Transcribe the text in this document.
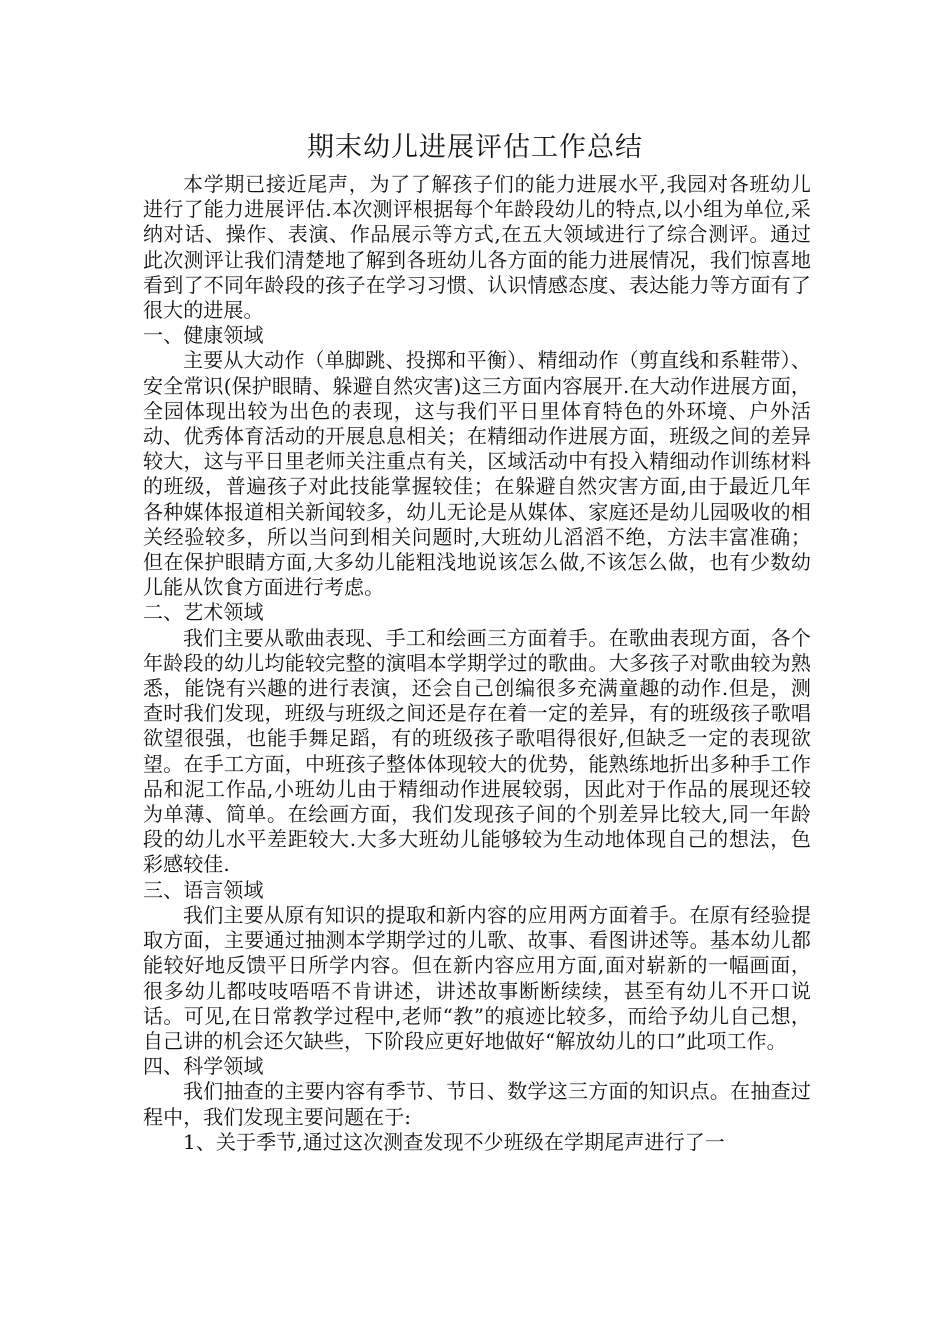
期末幼儿进展评估工作总结

本学期已接近尾声，为了了解孩子们的能力进展水平,我园对各班幼儿进行了能力进展评估.本次测评根据每个年龄段幼儿的特点,以小组为单位,采纳对话、操作、表演、作品展示等方式,在五大领域进行了综合测评。通过此次测评让我们清楚地了解到各班幼儿各方面的能力进展情况，我们惊喜地看到了不同年龄段的孩子在学习习惯、认识情感态度、表达能力等方面有了很大的进展。

一、健康领域

主要从大动作（单脚跳、投掷和平衡）、精细动作（剪直线和系鞋带）、安全常识(保护眼睛、躲避自然灾害)这三方面内容展开.在大动作进展方面，全园体现出较为出色的表现，这与我们平日里体育特色的外环境、户外活动、优秀体育活动的开展息息相关；在精细动作进展方面，班级之间的差异较大，这与平日里老师关注重点有关，区域活动中有投入精细动作训练材料的班级，普遍孩子对此技能掌握较佳；在躲避自然灾害方面,由于最近几年各种媒体报道相关新闻较多，幼儿无论是从媒体、家庭还是幼儿园吸收的相关经验较多，所以当问到相关问题时,大班幼儿滔滔不绝，方法丰富准确；但在保护眼睛方面,大多幼儿能粗浅地说该怎么做,不该怎么做，也有少数幼儿能从饮食方面进行考虑。

二、艺术领域

我们主要从歌曲表现、手工和绘画三方面着手。在歌曲表现方面，各个年龄段的幼儿均能较完整的演唱本学期学过的歌曲。大多孩子对歌曲较为熟悉，能饶有兴趣的进行表演，还会自己创编很多充满童趣的动作.但是，测查时我们发现，班级与班级之间还是存在着一定的差异，有的班级孩子歌唱欲望很强，也能手舞足蹈，有的班级孩子歌唱得很好,但缺乏一定的表现欲望。在手工方面，中班孩子整体体现较大的优势，能熟练地折出多种手工作品和泥工作品,小班幼儿由于精细动作进展较弱，因此对于作品的展现还较为单薄、简单。在绘画方面，我们发现孩子间的个别差异比较大,同一年龄段的幼儿水平差距较大.大多大班幼儿能够较为生动地体现自己的想法，色彩感较佳.

三、语言领域

我们主要从原有知识的提取和新内容的应用两方面着手。在原有经验提取方面，主要通过抽测本学期学过的儿歌、故事、看图讲述等。基本幼儿都能较好地反馈平日所学内容。但在新内容应用方面,面对崭新的一幅画面，很多幼儿都吱吱唔唔不肯讲述，讲述故事断断续续，甚至有幼儿不开口说话。可见,在日常教学过程中,老师“教”的痕迹比较多，而给予幼儿自己想，自己讲的机会还欠缺些，下阶段应更好地做好“解放幼儿的口”此项工作。

四、科学领域

我们抽查的主要内容有季节、节日、数学这三方面的知识点。在抽查过程中，我们发现主要问题在于:

1、关于季节,通过这次测查发现不少班级在学期尾声进行了一
